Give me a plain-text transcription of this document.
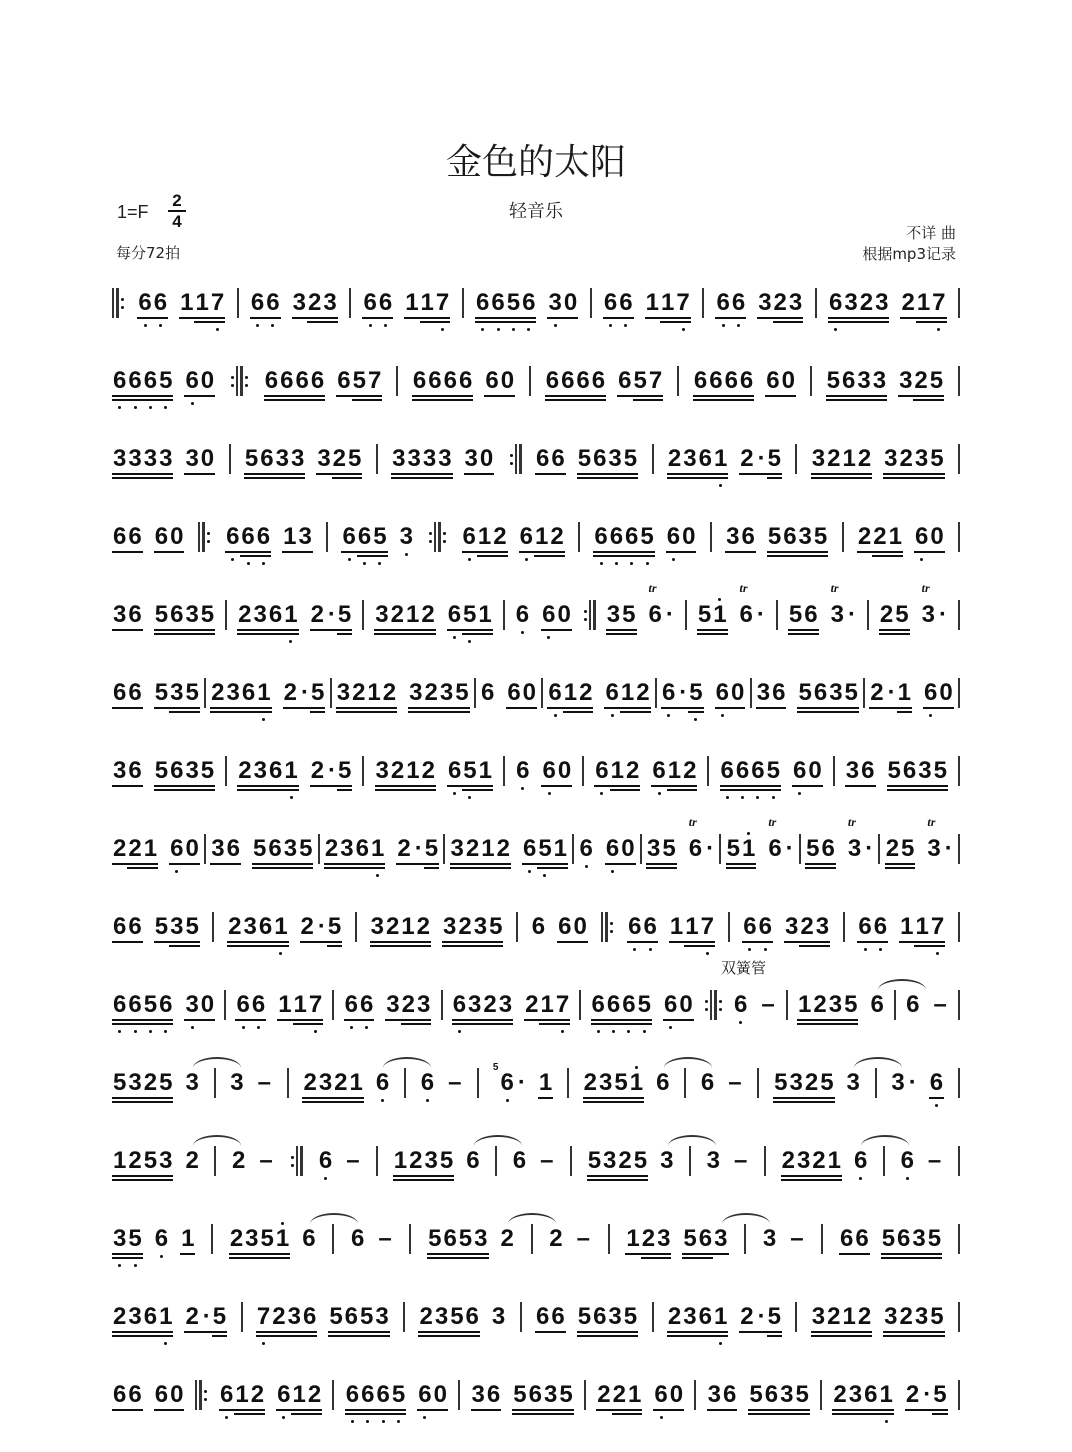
金色的太阳
轻音乐
$1=F \frac{2}{4}$
每分72拍
不详 曲
根据mp3记录
6 6 1 1 7 6 6 3 2 3 6 6 1 1 7 6 6 5 6 3 0 6 6 1 1 7 6 6 3 2 3 6 3 2 3 2 1 7
6 6 6 5 6 0 6 6 6 6 6 5 7 6 6 6 6 6 0 6 6 6 6 6 5 7 6 6 6 6 6 0 5 6 3 3 3 2 5
3 3 3 3 3 0 5 6 3 3 3 2 5 3 3 3 3 3 0 6 6 5 6 3 5 2 3 6 1 2 · 5 3 2 1 2 3 2 3 5
6 6 6 0 6 6 6 1 3 6 6 5 3 6 1 2 6 1 2 6 6 6 5 6 0 3 6 5 6 3 5 2 2 1 6 0
3 6 5 6 3 5 2 3 6 1 2 · 5 3 2 1 2 6 5 1 6 6 0 3 5 6
tr
· 5 1 6
tr
· 5 6 3
tr
· 2 5 3
tr
·
6 6 5 3 5 2 3 6 1 2 · 5 3 2 1 2 3 2 3 5 6 6 0 6 1 2 6 1 2 6 · 5 6 0 3 6 5 6 3 5 2 · 1 6 0
3 6 5 6 3 5 2 3 6 1 2 · 5 3 2 1 2 6 5 1 6 6 0 6 1 2 6 1 2 6 6 6 5 6 0 3 6 5 6 3 5
2 2 1 6 0 3 6 5 6 3 5 2 3 6 1 2 · 5 3 2 1 2 6 5 1 6 6 0 3 5 6
tr
· 5 1 6
tr
· 5 6 3
tr
· 2 5 3
tr
·
6 6 5 3 5 2 3 6 1 2 · 5 3 2 1 2 3 2 3 5 6 6 0 6 6 1 1 7 6 6 3 2 3 6 6 1 1 7
6 6 5 6 3 0 6 6 1 1 7 6 6 3 2 3 6 3 2 3 2 1 7 6 6 6 5 6 0 6 –
双簧管
1 2 3 5 6 6 –
5 3 2 5 3 3 – 2 3 2 1 6 6 –
5
6 · 1 2 3 5 1 6 6 – 5 3 2 5 3 3 · 6
1 2 5 3 2 2 – 6 – 1 2 3 5 6 6 – 5 3 2 5 3 3 – 2 3 2 1 6 6 –
3 5 6 1 2 3 5 1 6 6 – 5 6 5 3 2 2 – 1 2 3 5 6 3 3 – 6 6 5 6 3 5
2 3 6 1 2 · 5 7 2 3 6 5 6 5 3 2 3 5 6 3 6 6 5 6 3 5 2 3 6 1 2 · 5 3 2 1 2 3 2 3 5
6 6 6 0 6 1 2 6 1 2 6 6 6 5 6 0 3 6 5 6 3 5 2 2 1 6 0 3 6 5 6 3 5 2 3 6 1 2 · 5
